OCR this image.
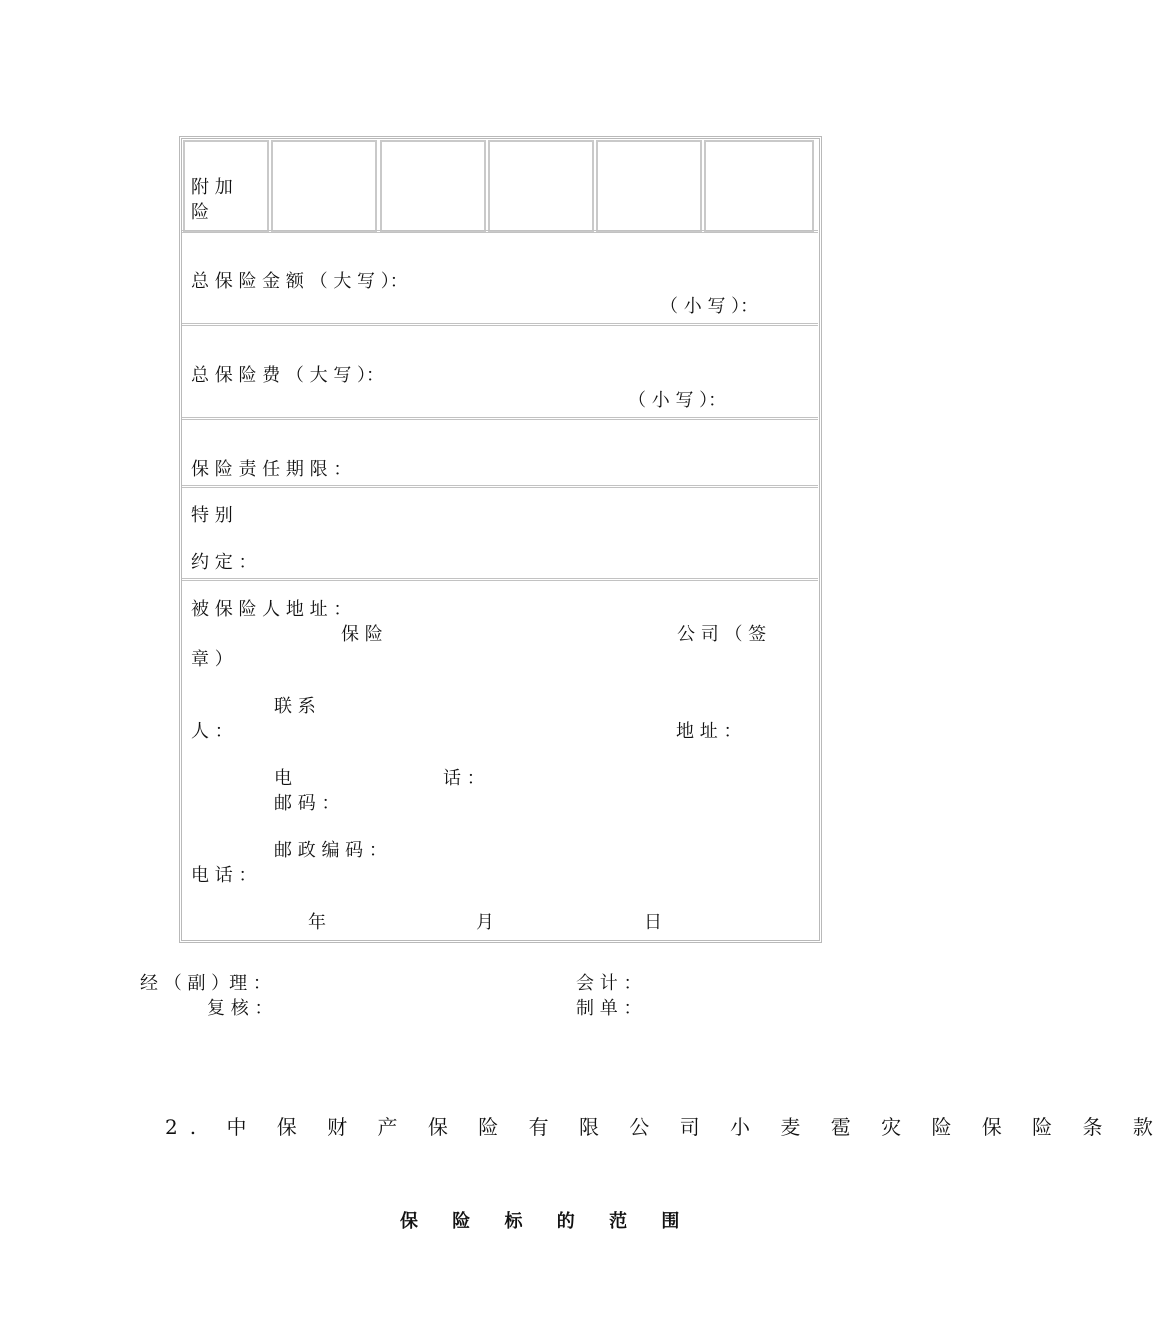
附 加
险
总 保 险 金 额 （ 大 写 ）：
（ 小 写 ）：
总 保 险 费 （ 大 写 ）：
（ 小 写 ）：
保 险 责 任 期 限 ：
特 别
约 定 ：
被 保 险 人 地 址 ：
保 险	公 司 （ 签
章 ）
联 系
人 ：	地 址 ：
电	话 ：
邮 码 ：
邮 政 编 码 ：
电 话 ：
年	月	日
经 （ 副 ）理 ：	会 计 ：
复 核 ：	制 单 ：
2. 中 保 财 产 保 险 有 限 公 司 小 麦 雹 灾 险 保 险 条 款
保 险 标 的 范 围
